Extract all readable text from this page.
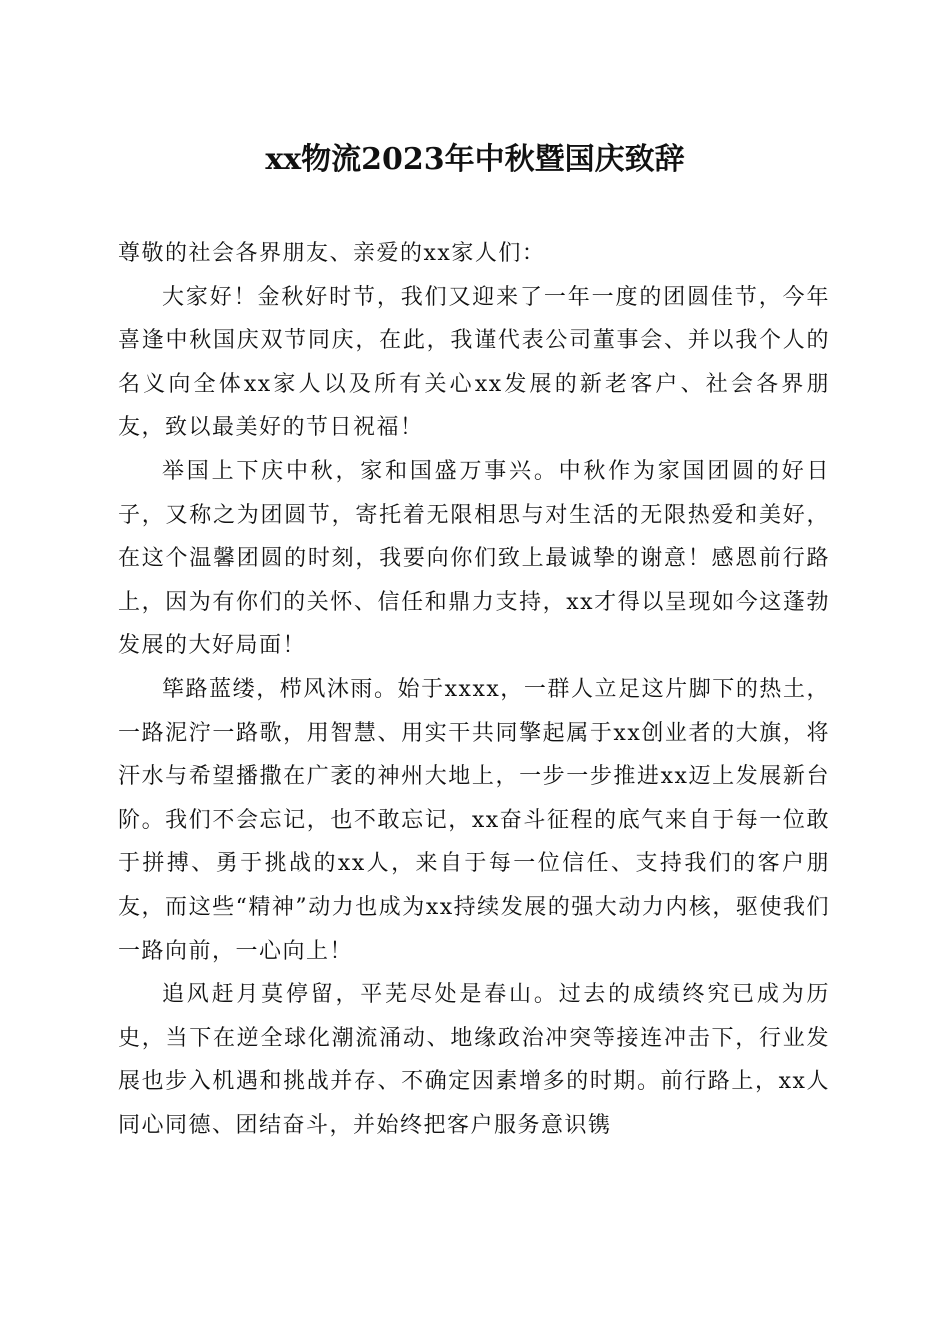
xx物流2023年中秋暨国庆致辞

尊敬的社会各界朋友、亲爱的xx家人们：

大家好！金秋好时节，我们又迎来了一年一度的团圆佳节，今年喜逢中秋国庆双节同庆，在此，我谨代表公司董事会、并以我个人的名义向全体xx家人以及所有关心xx发展的新老客户、社会各界朋友，致以最美好的节日祝福！

举国上下庆中秋，家和国盛万事兴。中秋作为家国团圆的好日子，又称之为团圆节，寄托着无限相思与对生活的无限热爱和美好，在这个温馨团圆的时刻，我要向你们致上最诚挚的谢意！感恩前行路上，因为有你们的关怀、信任和鼎力支持，xx才得以呈现如今这蓬勃发展的大好局面！

筚路蓝缕，栉风沐雨。始于xxxx，一群人立足这片脚下的热土，一路泥泞一路歌，用智慧、用实干共同擎起属于xx创业者的大旗，将汗水与希望播撒在广袤的神州大地上，一步一步推进xx迈上发展新台阶。我们不会忘记，也不敢忘记，xx奋斗征程的底气来自于每一位敢于拼搏、勇于挑战的xx人，来自于每一位信任、支持我们的客户朋友，而这些“精神”动力也成为xx持续发展的强大动力内核，驱使我们一路向前，一心向上！

追风赶月莫停留，平芜尽处是春山。过去的成绩终究已成为历史，当下在逆全球化潮流涌动、地缘政治冲突等接连冲击下，行业发展也步入机遇和挑战并存、不确定因素增多的时期。前行路上，xx人同心同德、团结奋斗，并始终把客户服务意识镌
